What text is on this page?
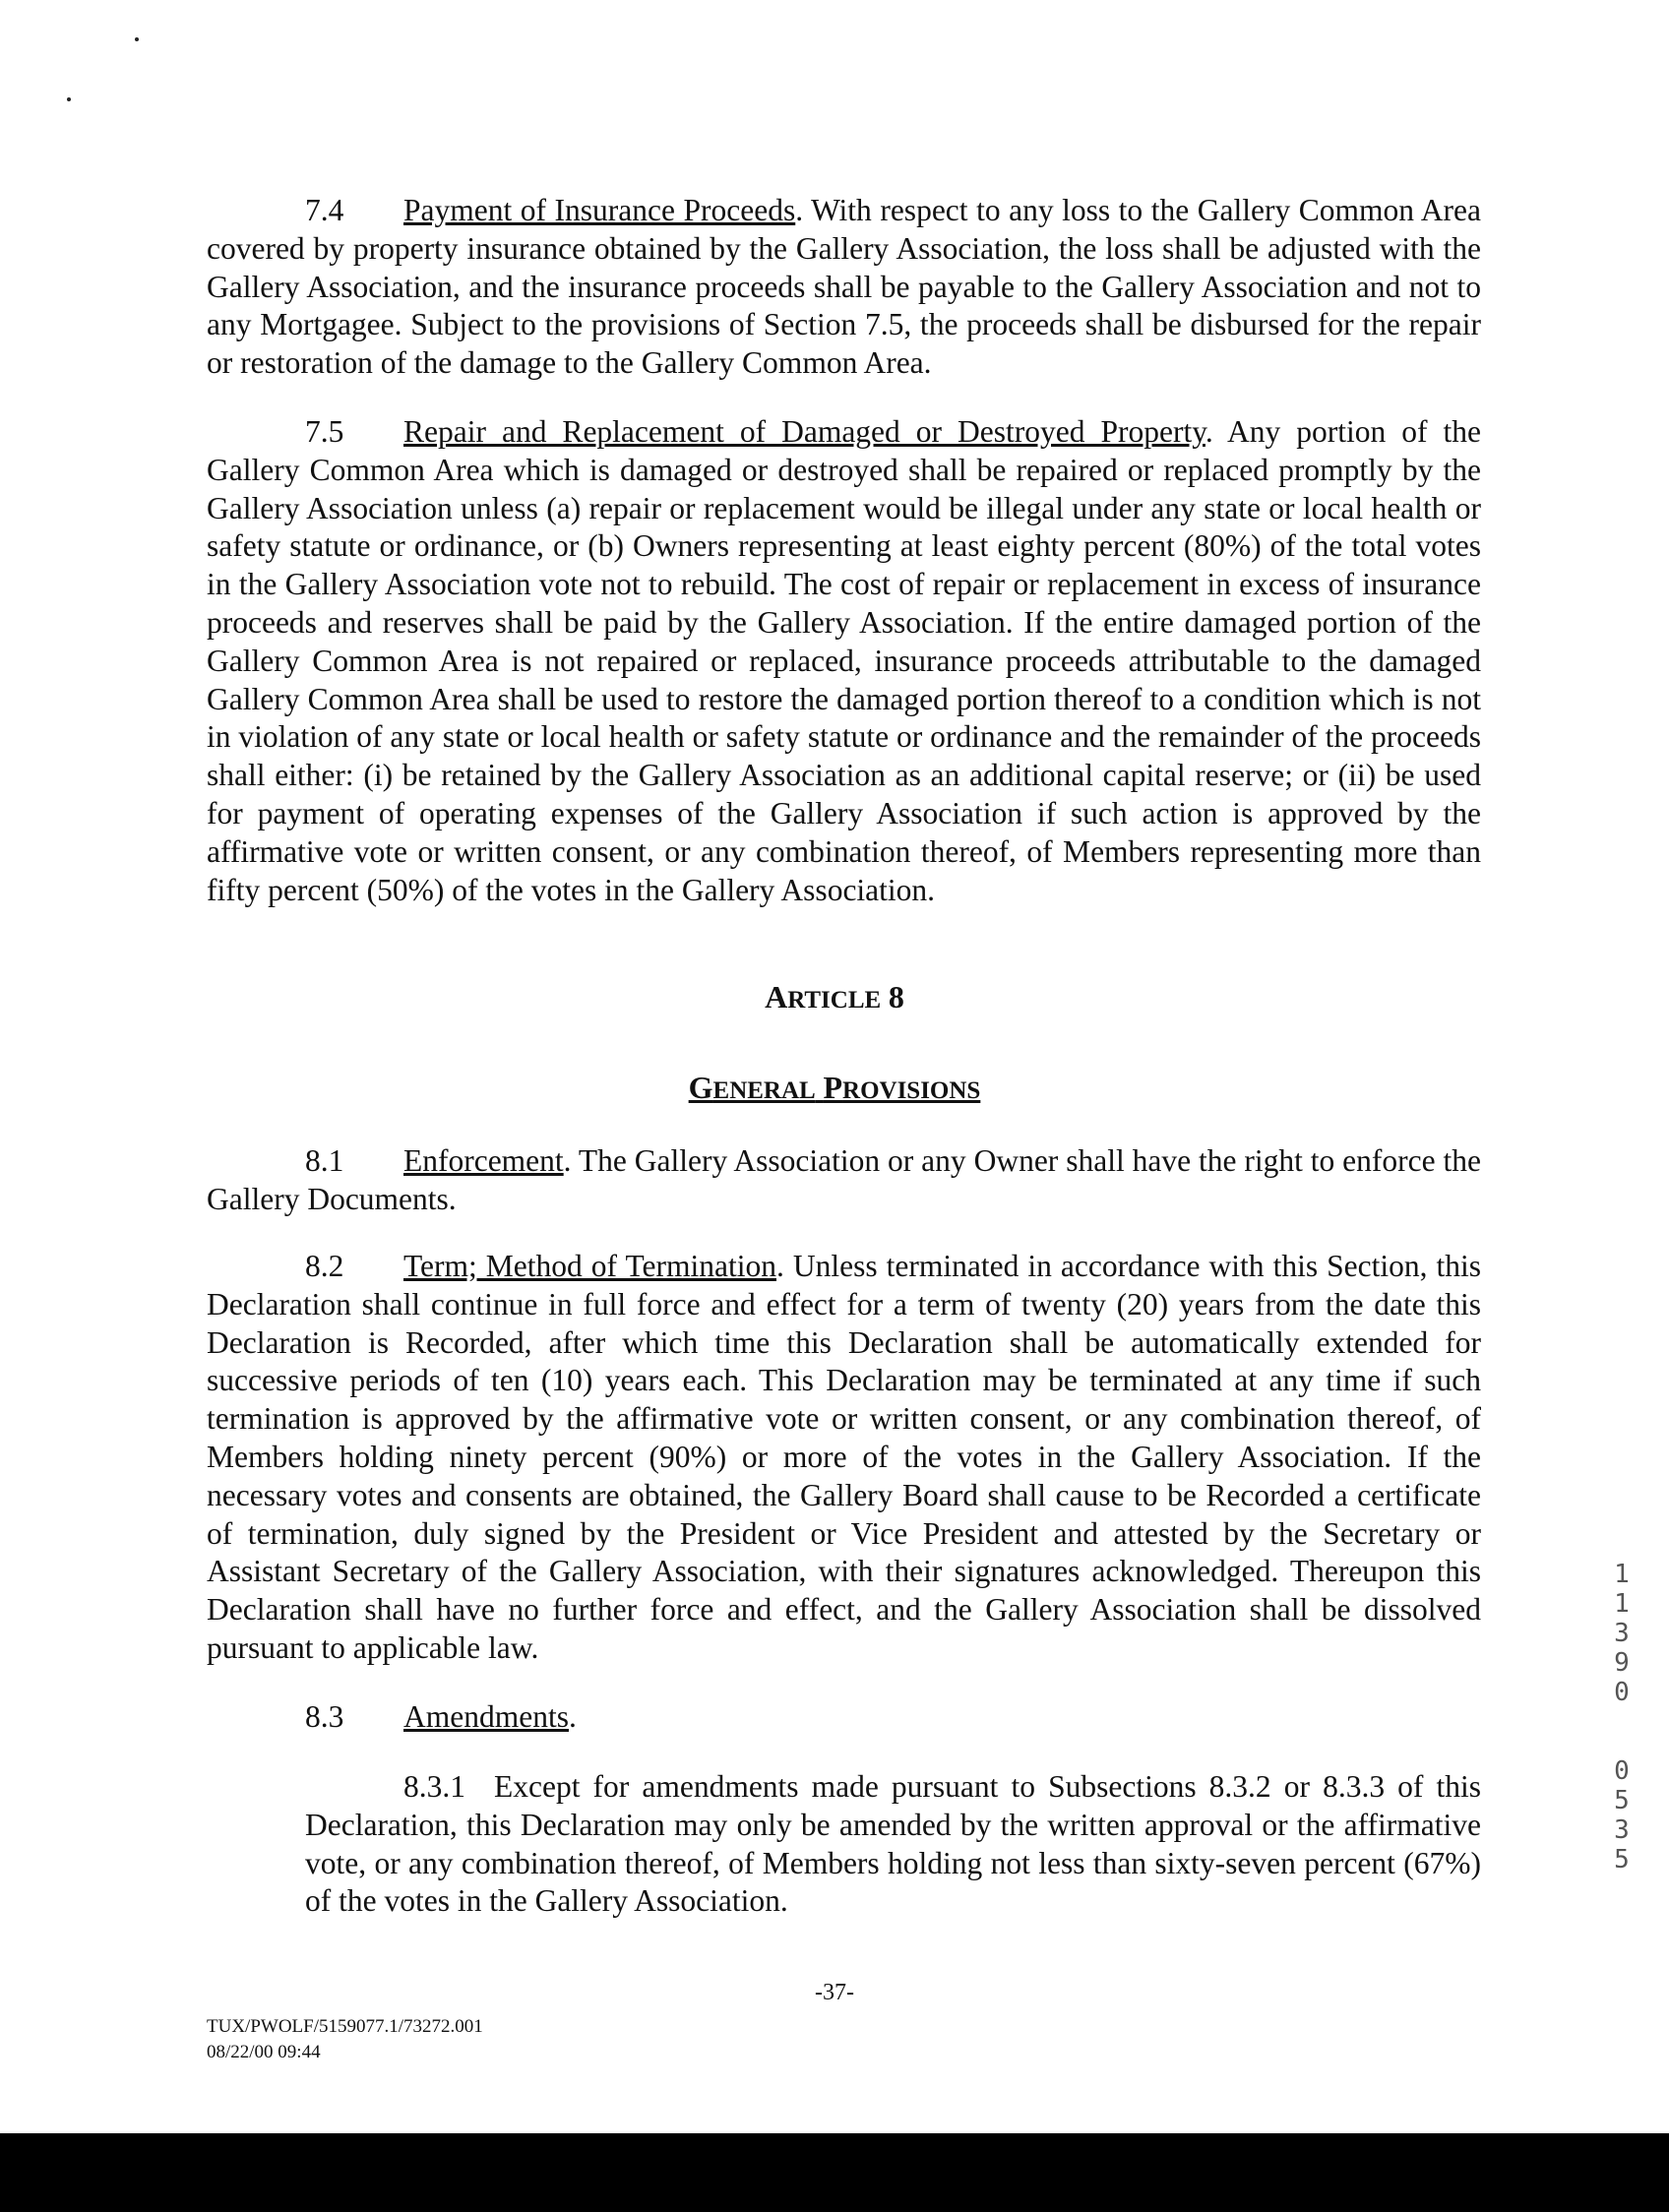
7.4 Payment of Insurance Proceeds. With respect to any loss to the Gallery Common Area covered by property insurance obtained by the Gallery Association, the loss shall be adjusted with the Gallery Association, and the insurance proceeds shall be payable to the Gallery Association and not to any Mortgagee. Subject to the provisions of Section 7.5, the proceeds shall be disbursed for the repair or restoration of the damage to the Gallery Common Area.

7.5 Repair and Replacement of Damaged or Destroyed Property. Any portion of the Gallery Common Area which is damaged or destroyed shall be repaired or replaced promptly by the Gallery Association unless (a) repair or replacement would be illegal under any state or local health or safety statute or ordinance, or (b) Owners representing at least eighty percent (80%) of the total votes in the Gallery Association vote not to rebuild. The cost of repair or replacement in excess of insurance proceeds and reserves shall be paid by the Gallery Association. If the entire damaged portion of the Gallery Common Area is not repaired or replaced, insurance proceeds attributable to the damaged Gallery Common Area shall be used to restore the damaged portion thereof to a condition which is not in violation of any state or local health or safety statute or ordinance and the remainder of the proceeds shall either: (i) be retained by the Gallery Association as an additional capital reserve; or (ii) be used for payment of operating expenses of the Gallery Association if such action is approved by the affirmative vote or written consent, or any combination thereof, of Members representing more than fifty percent (50%) of the votes in the Gallery Association.

ARTICLE 8
GENERAL PROVISIONS

8.1 Enforcement. The Gallery Association or any Owner shall have the right to enforce the Gallery Documents.

8.2 Term; Method of Termination. Unless terminated in accordance with this Section, this Declaration shall continue in full force and effect for a term of twenty (20) years from the date this Declaration is Recorded, after which time this Declaration shall be automatically extended for successive periods of ten (10) years each. This Declaration may be terminated at any time if such termination is approved by the affirmative vote or written consent, or any combination thereof, of Members holding ninety percent (90%) or more of the votes in the Gallery Association. If the necessary votes and consents are obtained, the Gallery Board shall cause to be Recorded a certificate of termination, duly signed by the President or Vice President and attested by the Secretary or Assistant Secretary of the Gallery Association, with their signatures acknowledged. Thereupon this Declaration shall have no further force and effect, and the Gallery Association shall be dissolved pursuant to applicable law.

8.3 Amendments.

8.3.1 Except for amendments made pursuant to Subsections 8.3.2 or 8.3.3 of this Declaration, this Declaration may only be amended by the written approval or the affirmative vote, or any combination thereof, of Members holding not less than sixty-seven percent (67%) of the votes in the Gallery Association.

-37-
TUX/PWOLF/5159077.1/73272.001
08/22/00 09:44
1
1
3
9
0
0
5
3
5
